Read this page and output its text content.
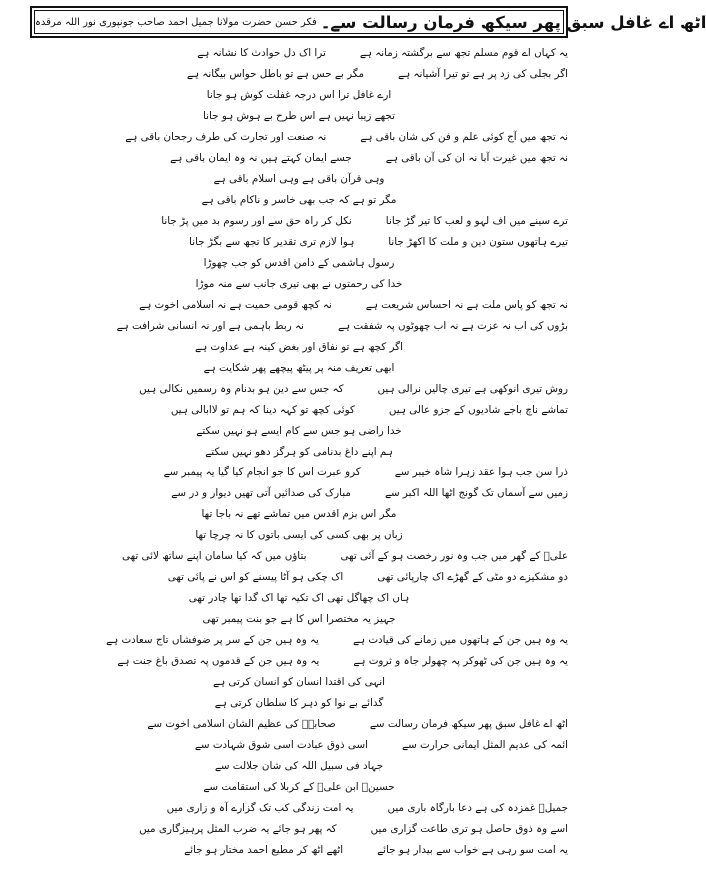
اٹھ اے غافل سبق پھر سیکھ فرمان رسالت سے۔
فکر حسن حضرت مولانا جمیل احمد صاحب جونپوری نور اللہ مرقدہ
یہ کہاں اے قوم مسلم تجھ سے برگشتہ زمانہ ہےترا اک دل حوادث کا نشانہ ہے
اگر بجلی کی زد پر ہے تو تیرا آشیانہ ہےمگر بے حس ہے تو باطل حواس بیگانہ ہے
ارے غافل ترا اس درجہ غفلت کوش ہو جانا
تجھے زیبا نہیں ہے اس طرح بے ہوش ہو جانا
نہ تجھ میں آج کوئی علم و فن کی شان باقی ہےنہ صنعت اور تجارت کی طرف رجحان باقی ہے
نہ تجھ میں غیرت آبا نہ ان کی آن باقی ہےجسے ایمان کہتے ہیں نہ وہ ایمان باقی ہے
وہی قرآن باقی ہے وہی اسلام باقی ہے
مگر تو ہے کہ جب بھی خاسر و ناکام باقی ہے
ترے سینے میں اف لہو و لعب کا تیر گڑ جانانکل کر راہ حق سے اور رسوم بد میں پڑ جانا
تیرے ہاتھوں ستون دین و ملت کا اکھڑ جاناہوا لازم تری تقدیر کا تجھ سے بگڑ جانا
رسول ہاشمی کے دامن اقدس کو جب چھوڑا
خدا کی رحمتوں نے بھی تیری جانب سے منہ موڑا
نہ تجھ کو پاس ملت ہے نہ احساس شریعت ہےنہ کچھ قومی حمیت ہے نہ اسلامی اخوت ہے
بڑوں کی اب نہ عزت ہے نہ اب چھوٹوں پہ شفقت ہےنہ ربط باہمی ہے اور نہ انسانی شرافت ہے
اگر کچھ ہے تو نفاق اور بغض کینہ ہے عداوت ہے
ابھی تعریف منہ پر پیٹھ پیچھے پھر شکایت ہے
روش تیری انوکھی ہے تیری چالیں نرالی ہیںکہ جس سے دین ہو بدنام وہ رسمیں نکالی ہیں
تماشے ناچ باجے شادیوں کے جزو عالی ہیںکوئی کچھ تو کہہ دینا کہ ہم تو لاابالی ہیں
خدا راضی ہو جس سے کام ایسے ہو نہیں سکتے
ہم اپنے داغ بدنامی کو ہرگز دھو نہیں سکتے
ذرا سن جب ہوا عقد زہرا شاہ خیبر سےکرو عبرت اس کا جو انجام کیا گیا یہ پیمبر سے
زمیں سے آسماں تک گونج اٹھا اللہ اکبر سےمبارک کی صدائیں آتی تھیں دیوار و در سے
مگر اس بزم اقدس میں تماشے تھے نہ باجا تھا
زباں پر بھی کسی کی ایسی باتوں کا نہ چرچا تھا
علیؓ کے گھر میں جب وہ نور رخصت ہو کے آئی تھیبتاؤں میں کہ کیا سامان اپنے ساتھ لائی تھی
دو مشکیزے دو مٹی کے گھڑے اک چارپائی تھیاک چکی ہو آٹا پیسنے کو اس نے پائی تھی
ہاں اک چھاگل تھی اک تکیہ تھا اک گدا تھا چادر تھی
جہیز یہ مختصرا اس کا ہے جو بنت پیمبر تھی
یہ وہ ہیں جن کے ہاتھوں میں زمانے کی قیادت ہےیہ وہ ہیں جن کے سر پر ضوفشاں تاج سعادت ہے
یہ وہ ہیں جن کی ٹھوکر پہ چھولر جاہ و ثروت ہےیہ وہ ہیں جن کے قدموں پہ تصدق باغ جنت ہے
انہی کی اقتدا انسان کو انسان کرتی ہے
گدائے بے نوا کو دہر کا سلطان کرتی ہے
اٹھ اے غافل سبق پھر سیکھ فرمان رسالت سےصحابہؓ کی عظیم الشان اسلامی اخوت سے
ائمہ کی عدیم المثل ایمانی حرارت سےاسی ذوق عبادت اسی شوق شہادت سے
جہاد فی سبیل اللہ کی شان جلالت سے
حسینؓ ابن علیؓ کے کربلا کی استقامت سے
جمیلؔ غمزدہ کی ہے دعا بارگاہ باری میںیہ امت زندگی کب تک گزارے آہ و زاری میں
اسے وہ ذوق حاصل ہو تری طاعت گزاری میںکہ پھر ہو جائے یہ ضرب المثل پرہیزگاری میں
یہ امت سو رہی ہے خواب سے بیدار ہو جائےاٹھے اٹھ کر مطیع احمد مختار ہو جائے
